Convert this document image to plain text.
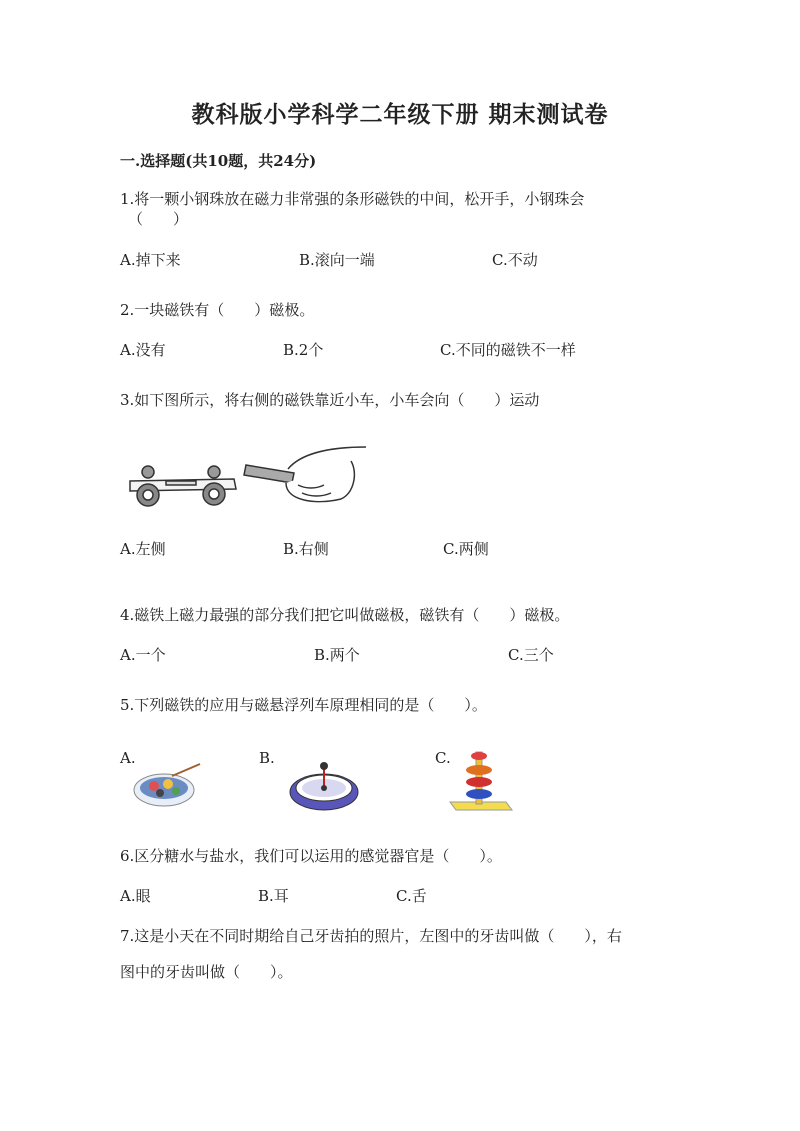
教科版小学科学二年级下册 期末测试卷
一.选择题(共10题，共24分)
1.将一颗小钢珠放在磁力非常强的条形磁铁的中间，松开手，小钢珠会
（　　）
A.掉下来	B.滚向一端	C.不动
2.一块磁铁有（　　）磁极。
A.没有	B.2个	C.不同的磁铁不一样
3.如下图所示，将右侧的磁铁靠近小车，小车会向（　　）运动
A.左侧	B.右侧	C.两侧
4.磁铁上磁力最强的部分我们把它叫做磁极，磁铁有（　　）磁极。
A.一个	B.两个	C.三个
5.下列磁铁的应用与磁悬浮列车原理相同的是（　　）。
A.	B.	C.
6.区分糖水与盐水，我们可以运用的感觉器官是（　　）。
A.眼	B.耳	C.舌
7.这是小天在不同时期给自己牙齿拍的照片，左图中的牙齿叫做（　　），右
图中的牙齿叫做（　　）。
